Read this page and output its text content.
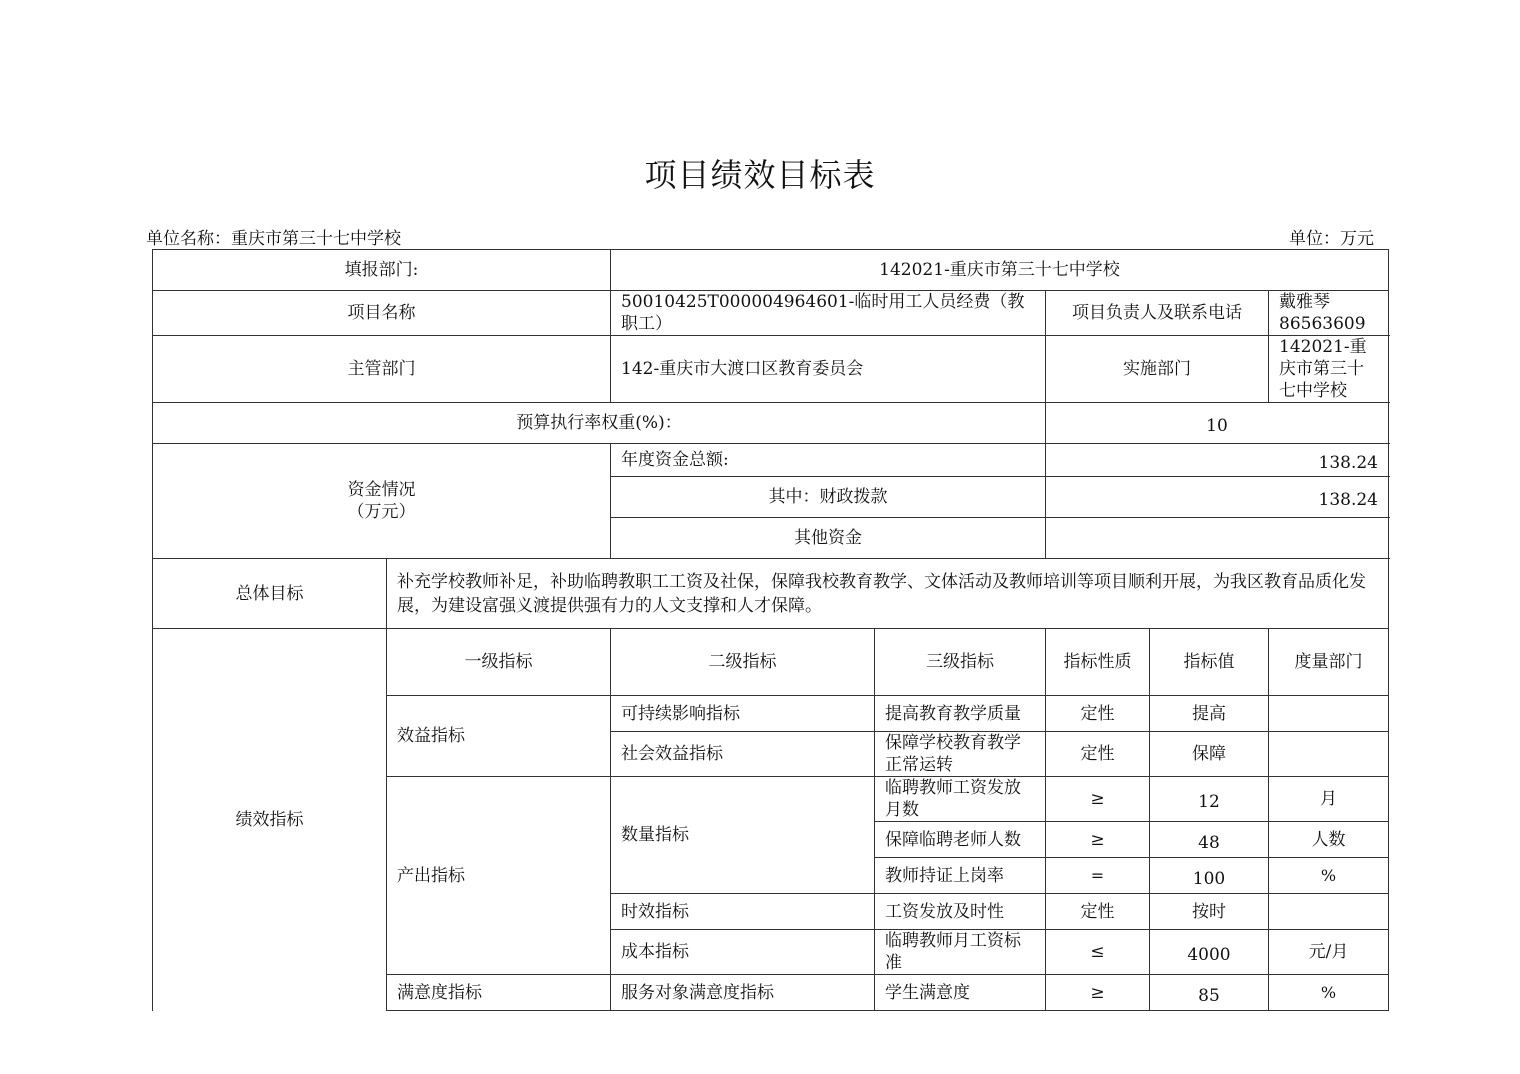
项目绩效目标表
单位名称：重庆市第三十七中学校	单位：万元
填报部门:		142021-重庆市第三十七中学校					
项目名称		50010425T000004964601-临时用工人员经费（教职工）		项目负责人及联系电话		戴雅琴 86563609	
主管部门		142-重庆市大渡口区教育委员会		实施部门		142021-重庆市第三十七中学校	
预算执行率权重(%)：				10			

资金情况
（万元）		年度资金总额:		138.24			
		其中：财政拨款		138.24			
		其他资金					
总体目标	补充学校教师补足，补助临聘教职工工资及社保，保障我校教育教学、文体活动及教师培训等项目顺利开展，为我区教育品质化发展，为建设富强义渡提供强有力的人文支撑和人才保障。						
绩效指标	一级指标	二级指标	三级指标	指标性质	指标值	度量部门	
	效益指标	可持续影响指标	提高教育教学质量	定性	提高		
		社会效益指标	保障学校教育教学正常运转	定性	保障		
	产出指标	数量指标	临聘教师工资发放月数	≥	12	月	
			保障临聘老师人数	≥	48	人数	
			教师持证上岗率	=	100	%	
		时效指标	工资发放及时性	定性	按时		
		成本指标	临聘教师月工资标准	≤	4000	元/月	
	满意度指标	服务对象满意度指标	学生满意度	≥	85	%	
